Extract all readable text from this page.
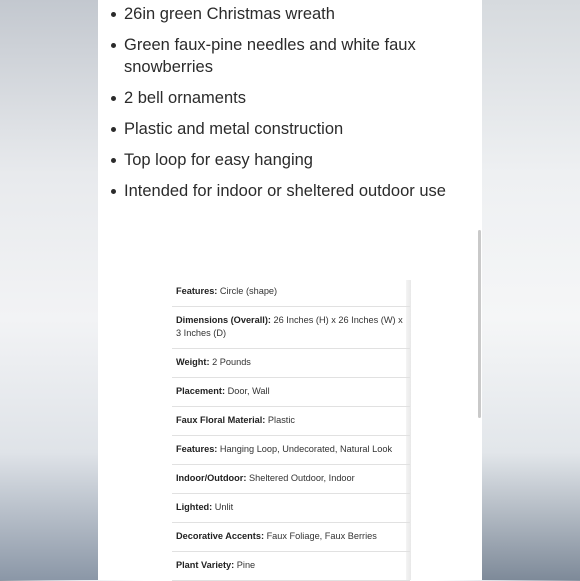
26in green Christmas wreath
Green faux-pine needles and white faux snowberries
2 bell ornaments
Plastic and metal construction
Top loop for easy hanging
Intended for indoor or sheltered outdoor use
Features: Circle (shape)
Dimensions (Overall): 26 Inches (H) x 26 Inches (W) x 3 Inches (D)
Weight: 2 Pounds
Placement: Door, Wall
Faux Floral Material: Plastic
Features: Hanging Loop, Undecorated, Natural Look
Indoor/Outdoor: Sheltered Outdoor, Indoor
Lighted: Unlit
Decorative Accents: Faux Foliage, Faux Berries
Plant Variety: Pine
